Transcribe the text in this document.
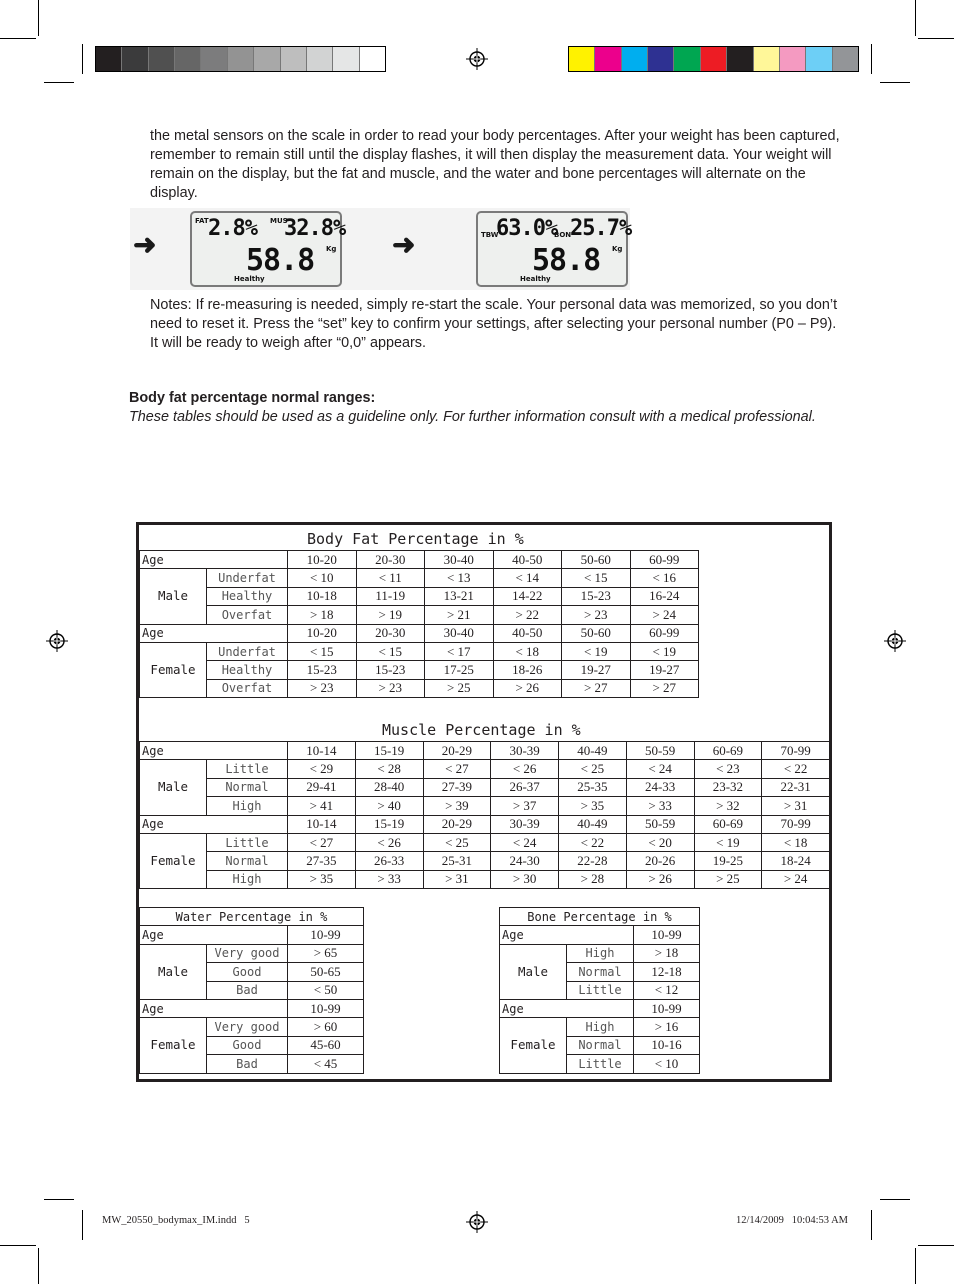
the metal sensors on the scale in order to read your body percentages. After your weight has been captured, remember to remain still until the display flashes, it will then display the measurement data. Your weight will remain on the display, but the fat and muscle, and the water and bone percentages will alternate on the display.

➜
FAT 2.8% MUS
32.8%
58.8 Kg
Healthy
➜	TBW
63.0%
BON
25.7%
58.8 Kg
Healthy

Notes: If re-measuring is needed, simply re-start the scale. Your personal data was memorized, so you don’t need to reset it. Press the “set” key to confirm your settings, after selecting your personal number (P0 – P9). It will be ready to weigh after “0,0” appears.

Body fat percentage normal ranges:

These tables should be used as a guideline only. For further information consult with a medical professional.

Body Fat Percentage in %
Age		10-20	20-30	30-40	40-50	50-60	60-99
Male	Underfat	< 10	< 11	< 13	< 14	< 15	< 16
	Healthy	10-18	11-19	13-21	14-22	15-23	16-24
	Overfat	> 18	> 19	> 21	> 22	> 23	> 24
Age		10-20	20-30	30-40	40-50	50-60	60-99
Female	Underfat	< 15	< 15	< 17	< 18	< 19	< 19
	Healthy	15-23	15-23	17-25	18-26	19-27	19-27
	Overfat	> 23	> 23	> 25	> 26	> 27	> 27
Muscle Percentage in %
Age		10-14	15-19	20-29	30-39	40-49	50-59	60-69	70-99
Male	Little	< 29	< 28	< 27	< 26	< 25	< 24	< 23	< 22
	Normal	29-41	28-40	27-39	26-37	25-35	24-33	23-32	22-31
	High	> 41	> 40	> 39	> 37	> 35	> 33	> 32	> 31
Age		10-14	15-19	20-29	30-39	40-49	50-59	60-69	70-99
Female	Little	< 27	< 26	< 25	< 24	< 22	< 20	< 19	< 18
	Normal	27-35	26-33	25-31	24-30	22-28	20-26	19-25	18-24
	High	> 35	> 33	> 31	> 30	> 28	> 26	> 25	> 24
Water Percentage in %		
Age		10-99
Male	Very good	> 65
	Good	50-65
	Bad	< 50
Age		10-99
Female	Very good	> 60
	Good	45-60
	Bad	< 45
Bone Percentage in %		
Age		10-99
Male	High	> 18
	Normal	12-18
	Little	< 12
Age		10-99
Female	High	> 16
	Normal	10-16
	Little	< 10
MW_20550_bodymax_IM.indd   5	12/14/2009   10:04:53 AM
